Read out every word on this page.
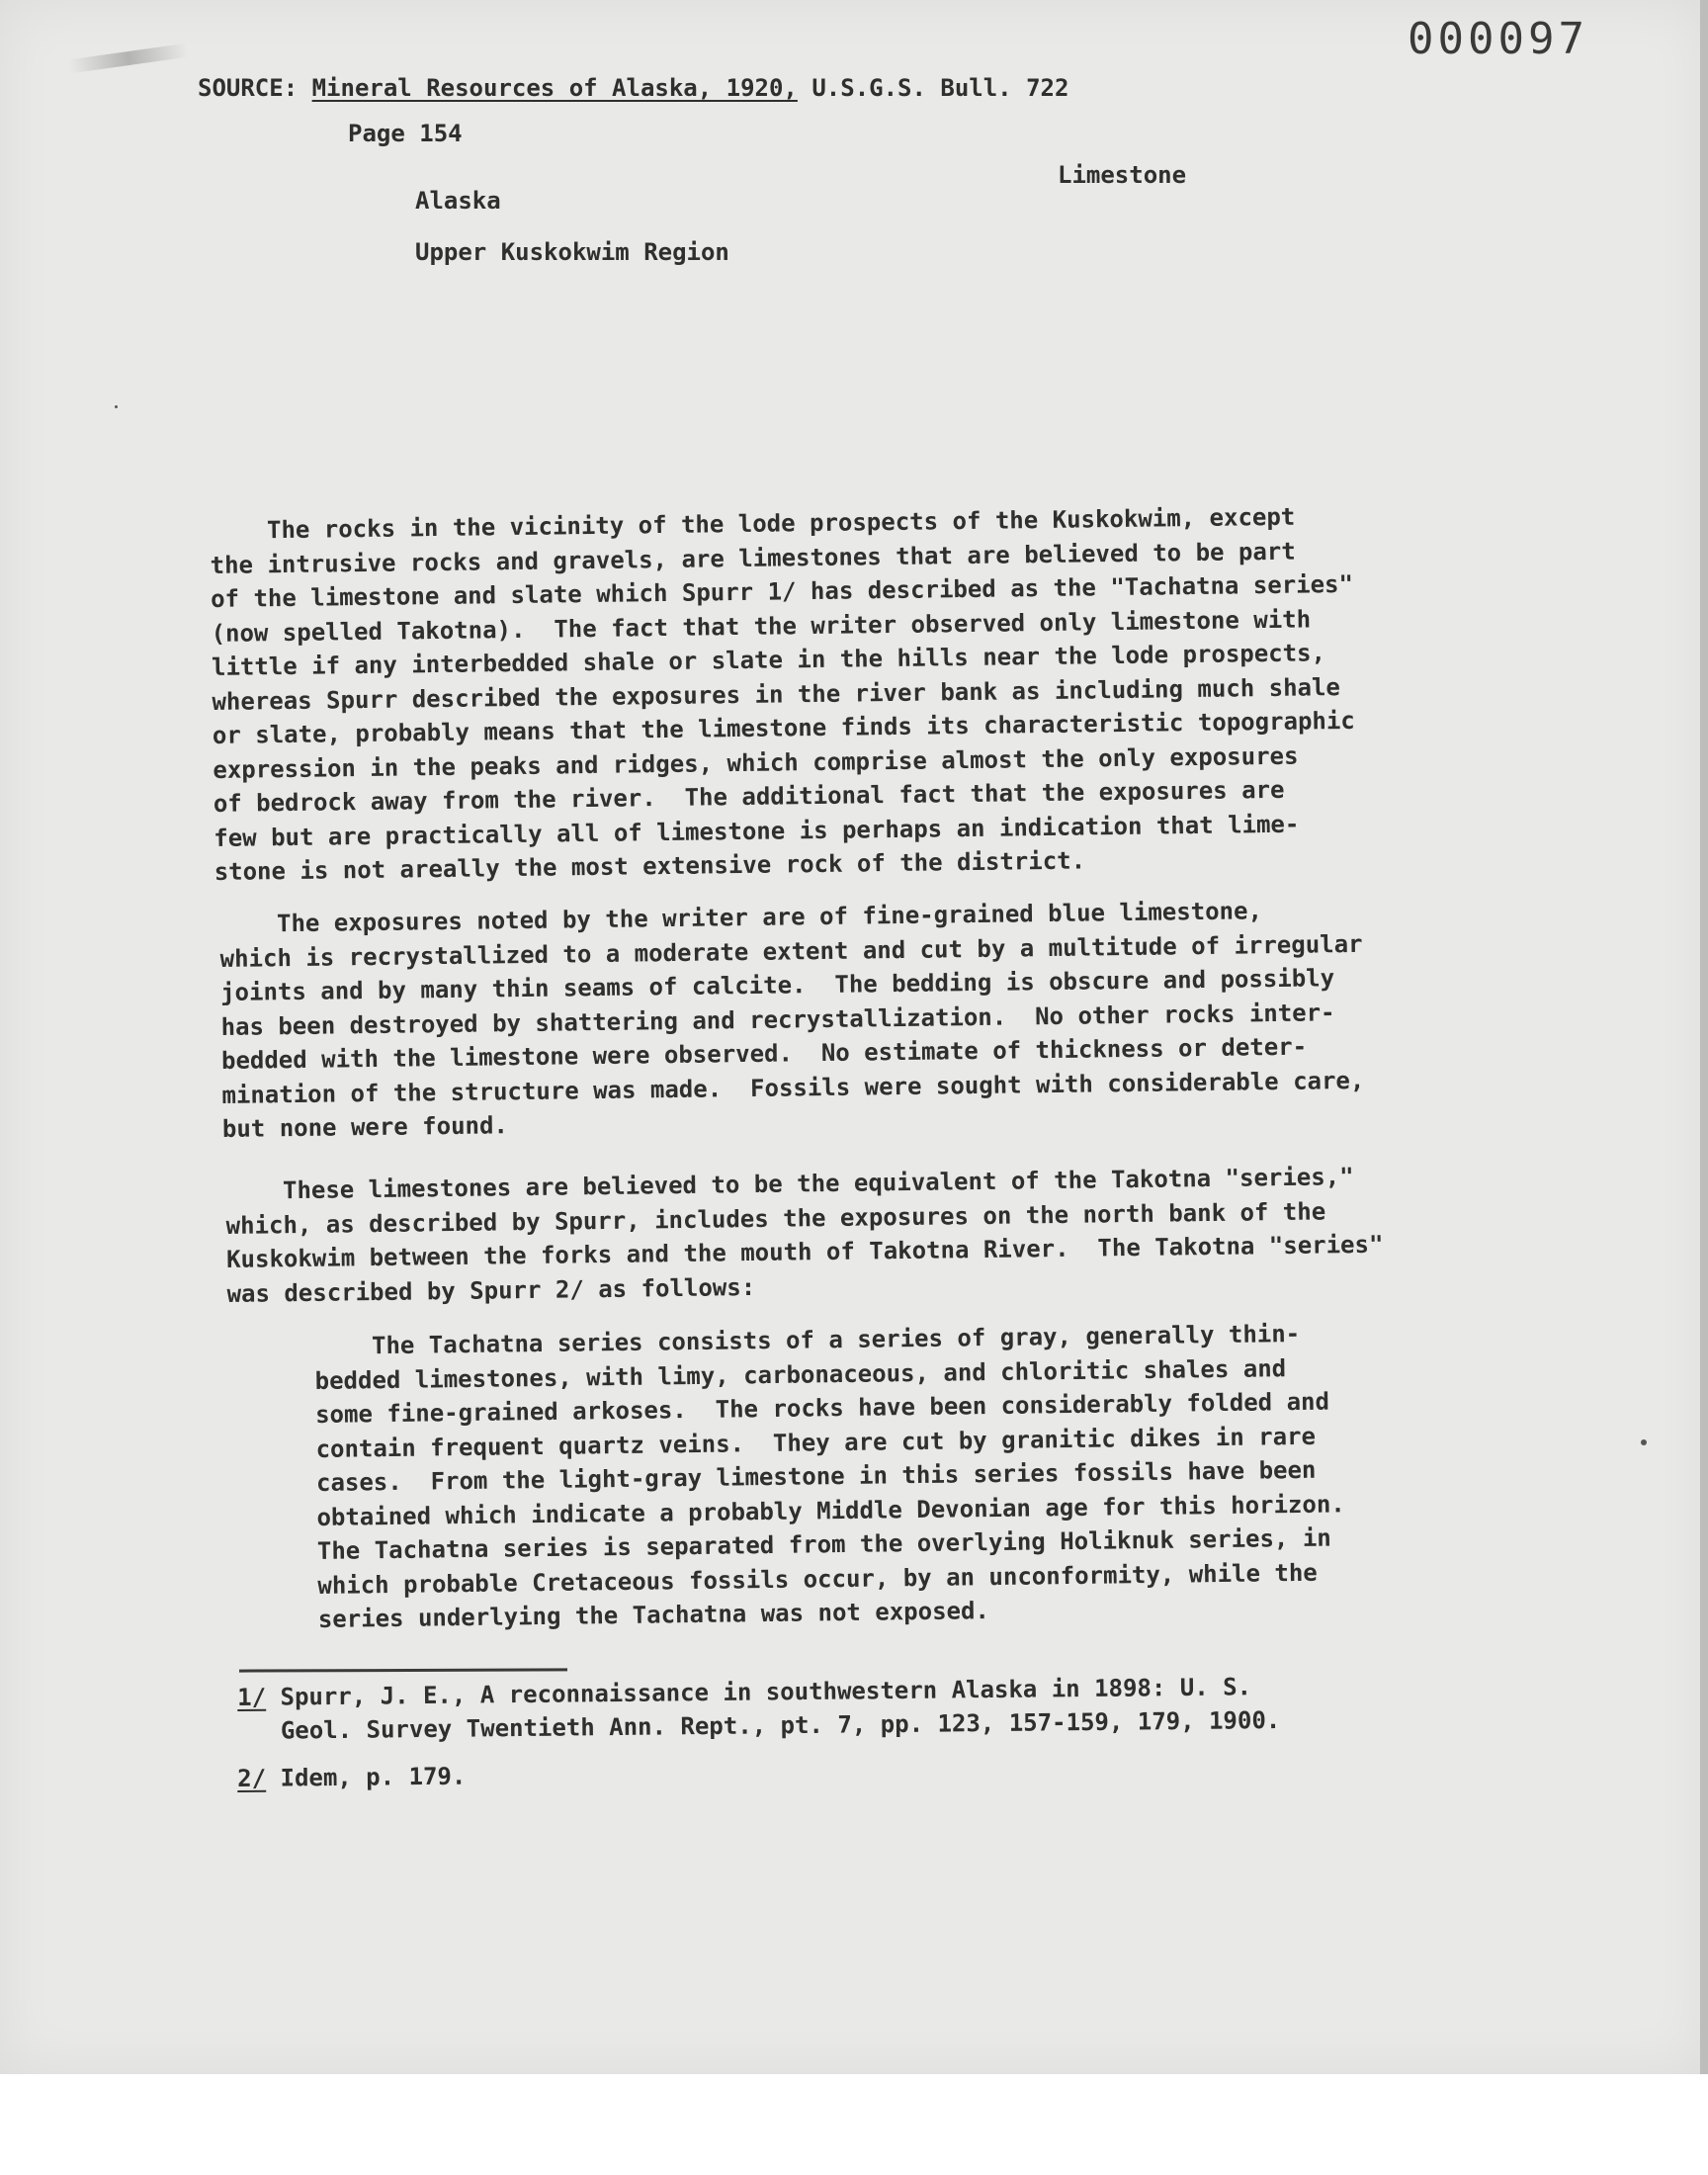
000097
SOURCE: Mineral Resources of Alaska, 1920, U.S.G.S. Bull. 722
Page 154
Limestone
Alaska
Upper Kuskokwim Region
The rocks in the vicinity of the lode prospects of the Kuskokwim, except
the intrusive rocks and gravels, are limestones that are believed to be part
of the limestone and slate which Spurr 1/ has described as the "Tachatna series"
(now spelled Takotna).  The fact that the writer observed only limestone with
little if any interbedded shale or slate in the hills near the lode prospects,
whereas Spurr described the exposures in the river bank as including much shale
or slate, probably means that the limestone finds its characteristic topographic
expression in the peaks and ridges, which comprise almost the only exposures
of bedrock away from the river.  The additional fact that the exposures are
few but are practically all of limestone is perhaps an indication that lime-
stone is not areally the most extensive rock of the district.
The exposures noted by the writer are of fine-grained blue limestone,
which is recrystallized to a moderate extent and cut by a multitude of irregular
joints and by many thin seams of calcite.  The bedding is obscure and possibly
has been destroyed by shattering and recrystallization.  No other rocks inter-
bedded with the limestone were observed.  No estimate of thickness or deter-
mination of the structure was made.  Fossils were sought with considerable care,
but none were found.
These limestones are believed to be the equivalent of the Takotna "series,"
which, as described by Spurr, includes the exposures on the north bank of the
Kuskokwim between the forks and the mouth of Takotna River.  The Takotna "series"
was described by Spurr 2/ as follows:
The Tachatna series consists of a series of gray, generally thin-
bedded limestones, with limy, carbonaceous, and chloritic shales and
some fine-grained arkoses.  The rocks have been considerably folded and
contain frequent quartz veins.  They are cut by granitic dikes in rare
cases.  From the light-gray limestone in this series fossils have been
obtained which indicate a probably Middle Devonian age for this horizon.
The Tachatna series is separated from the overlying Holiknuk series, in
which probable Cretaceous fossils occur, by an unconformity, while the
series underlying the Tachatna was not exposed.
1/ Spurr, J. E., A reconnaissance in southwestern Alaska in 1898: U. S.
Geol. Survey Twentieth Ann. Rept., pt. 7, pp. 123, 157-159, 179, 1900.
2/ Idem, p. 179.
